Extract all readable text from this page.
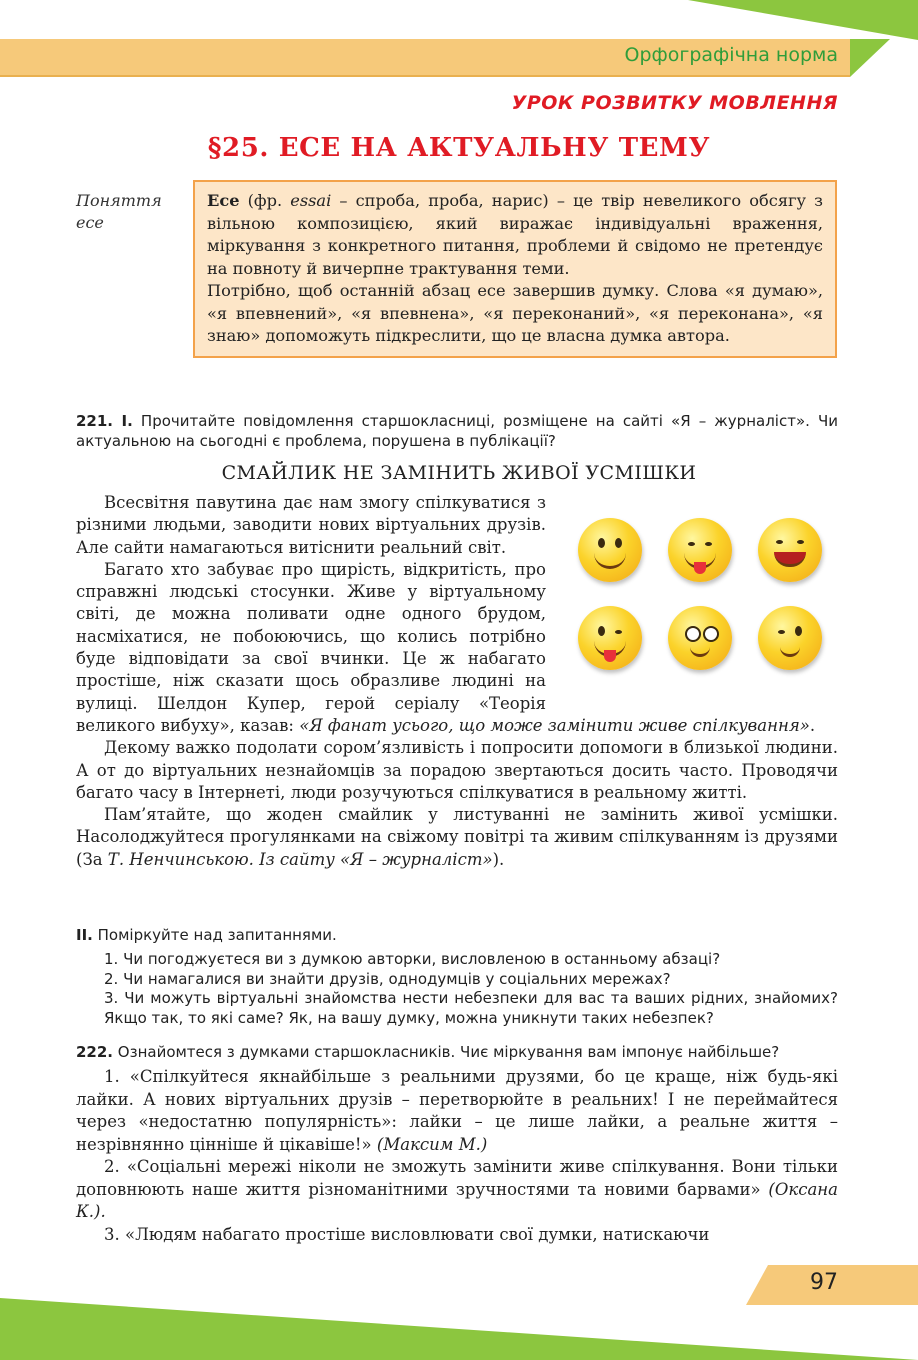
Орфографічна норма
УРОК РОЗВИТКУ МОВЛЕННЯ
§25. ЕСЕ НА АКТУАЛЬНУ ТЕМУ
Поняття
есе

Есе (фр. essai – спроба, проба, нарис) – це твір невеликого обсягу з вільною композицією, який виражає індивідуальні враження, міркування з конкретного питання, проблеми й свідомо не претендує на повноту й вичерпне трактування теми.

Потрібно, щоб останній абзац есе завершив думку. Слова «я думаю», «я впевнений», «я впевнена», «я переконаний», «я переконана», «я знаю» допоможуть підкреслити, що це власна думка автора.

221. І. Прочитайте повідомлення старшокласниці, розміщене на сайті «Я – журналіст». Чи актуальною на сьогодні є проблема, порушена в публікації?
СМАЙЛИК НЕ ЗАМІНИТЬ ЖИВОЇ УСМІШКИ

Всесвітня павутина дає нам змогу спілкуватися з різними людьми, заводити нових віртуальних друзів. Але сайти намагаються витіснити реальний світ.

Багато хто забуває про щирість, відкритість, про справжні людські стосунки. Живе у віртуальному світі, де можна поливати одне одного брудом, насміхатися, не побоюючись, що колись потрібно буде відповідати за свої вчинки. Це ж набагато простіше, ніж сказати щось образливе людині на вулиці. Шелдон Купер, герой серіалу «Теорія великого вибуху», казав: «Я фанат усього, що може замінити живе спілкування».

Декому важко подолати сором’язливість і попросити допомоги в близької людини. А от до віртуальних незнайомців за порадою звертаються досить часто. Проводячи багато часу в Інтернеті, люди розучуються спілкуватися в реальному житті.

Пам’ятайте, що жоден смайлик у листуванні не замінить живої усмішки. Насолоджуйтеся прогулянками на свіжому повітрі та живим спілкуванням із друзями (За Т. Ненчинською. Із сайту «Я – журналіст»).

ІІ. Поміркуйте над запитаннями.

1. Чи погоджуєтеся ви з думкою авторки, висловленою в останньому абзаці?

2. Чи намагалися ви знайти друзів, однодумців у соціальних мережах?

3. Чи можуть віртуальні знайомства нести небезпеки для вас та ваших рідних, знайомих? Якщо так, то які саме? Як, на вашу думку, можна уникнути таких небезпек?

222. Ознайомтеся з думками старшокласників. Чиє міркування вам імпонує найбільше?

1. «Спілкуйтеся якнайбільше з реальними друзями, бо це краще, ніж будь-які лайки. А нових віртуальних друзів – перетворюйте в реальних! І не переймайтеся через «недостатню популярність»: лайки – це лише лайки, а реальне життя – незрівнянно цінніше й цікавіше!» (Максим М.)

2. «Соціальні мережі ніколи не зможуть замінити живе спілкування. Вони тільки доповнюють наше життя різноманітними зручностями та новими барвами» (Оксана К.).

3. «Людям набагато простіше висловлювати свої думки, натискаючи

97
